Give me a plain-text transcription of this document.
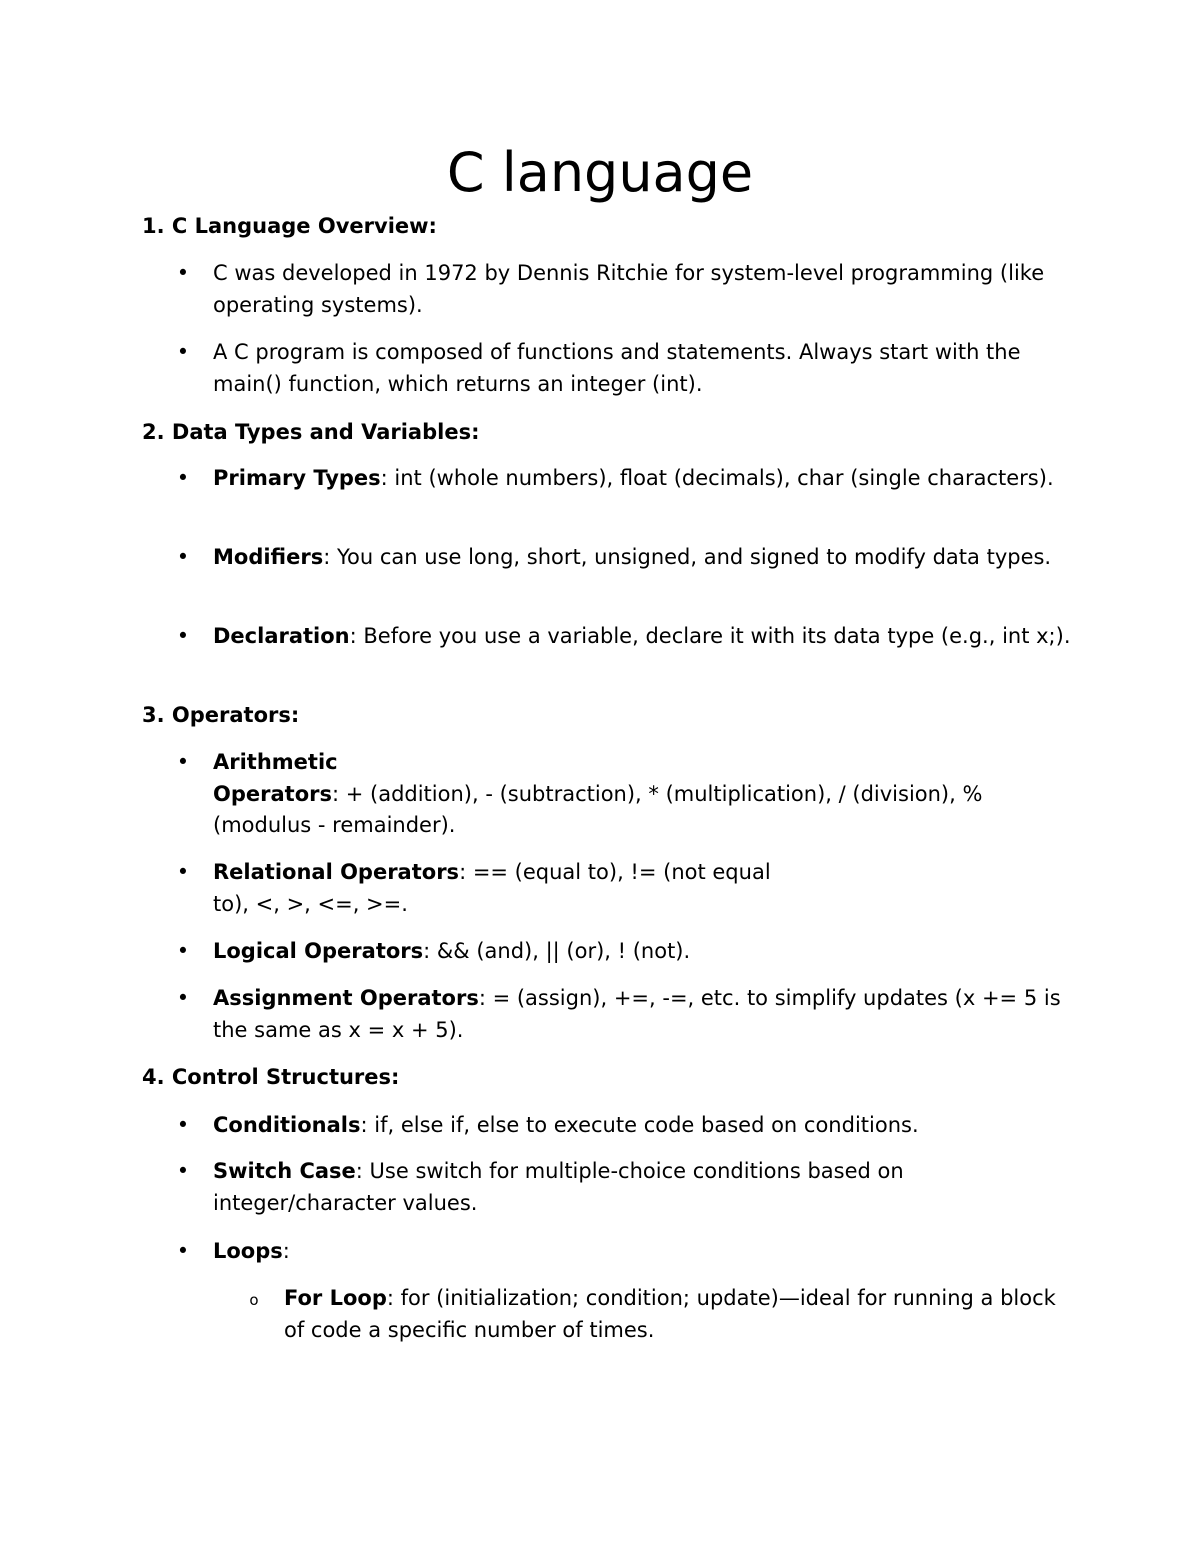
C language
1. C Language Overview:
• C was developed in 1972 by Dennis Ritchie for system-level programming (like operating systems).
• A C program is composed of functions and statements. Always start with the main() function, which returns an integer (int).
2. Data Types and Variables:
• Primary Types: int (whole numbers), float (decimals), char (single characters).
• Modifiers: You can use long, short, unsigned, and signed to modify data types.
• Declaration: Before you use a variable, declare it with its data type (e.g., int x;).
3. Operators:
• Arithmetic
Operators: + (addition), - (subtraction), * (multiplication), / (division), % (modulus - remainder).
• Relational Operators: == (equal to), != (not equal
to), <, >, <=, >=.
• Logical Operators: && (and), || (or), ! (not).
• Assignment Operators: = (assign), +=, -=, etc. to simplify updates (x += 5 is the same as x = x + 5).
4. Control Structures:
• Conditionals: if, else if, else to execute code based on conditions.
• Switch Case: Use switch for multiple-choice conditions based on integer/character values.
• Loops:
o For Loop: for (initialization; condition; update)—ideal for running a block of code a specific number of times.
